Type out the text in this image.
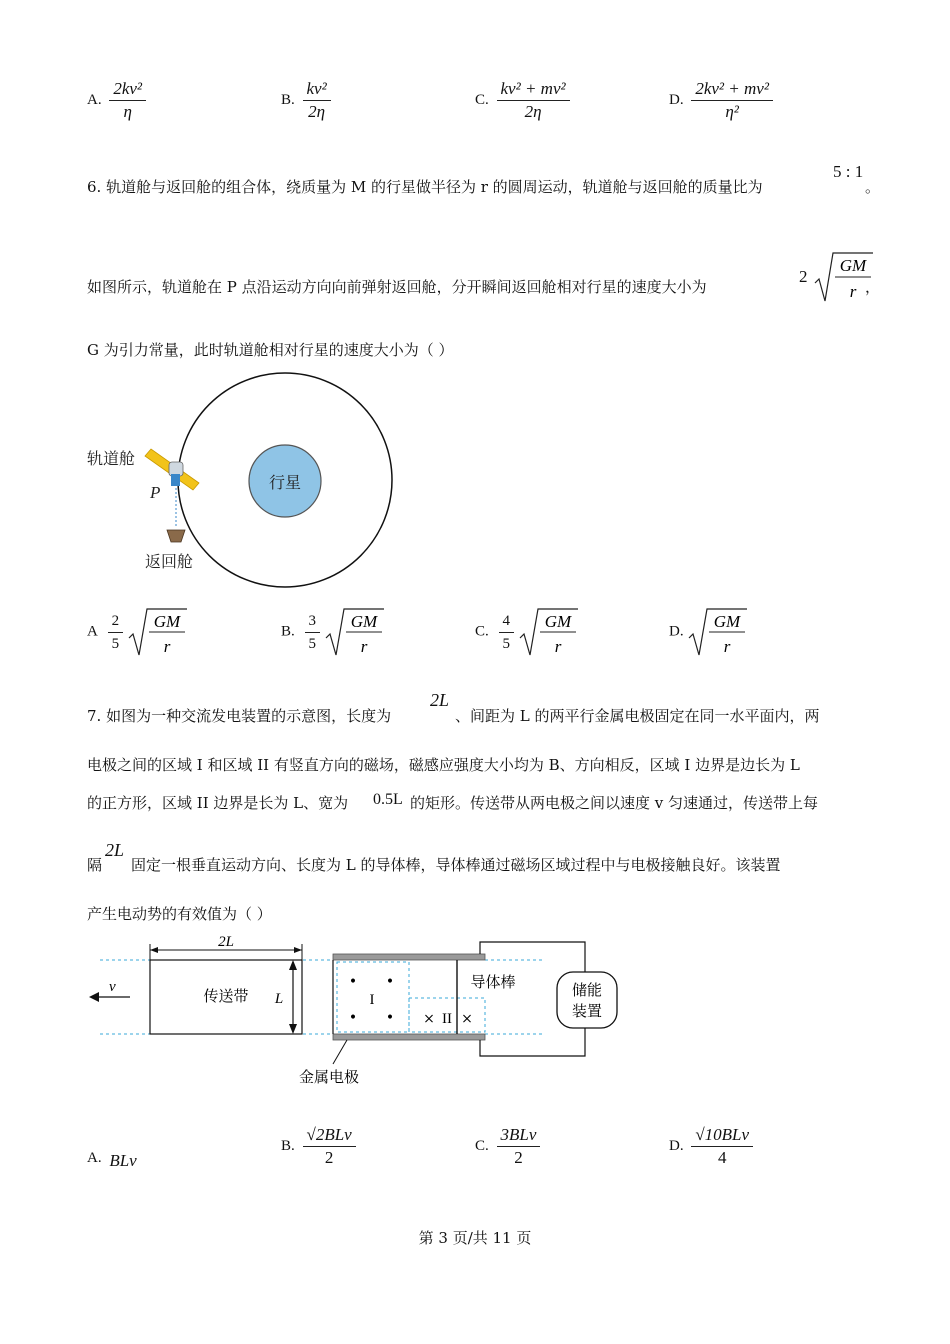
A. $\frac{\text{2kv²}}{\eta}$	B. $\frac{\text{kv²}}{2\eta}$	C. $\frac{\text{kv² + mv²}}{2\eta}$	D. $\frac{\text{2kv² + mv²}}{\text{η²}}$
6. 轨道舱与返回舱的组合体，绕质量为 M 的行星做半径为 r 的圆周运动，轨道舱与返回舱的质量比为
5 : 1
。
如图所示，轨道舱在 P 点沿运动方向向前弹射返回舱，分开瞬间返回舱相对行星的速度大小为
2
GM
r ，
G 为引力常量，此时轨道舱相对行星的速度大小为（ ）
行星
轨道舱
P
返回舱
A $\frac{2}{5}$
GM
r
B. $\frac{3}{5}$
GM
r
C. $\frac{4}{5}$
GM
r
D.
GM
r
7. 如图为一种交流发电装置的示意图，长度为
2L
、间距为 L 的两平行金属电极固定在同一水平面内，两
电极之间的区域 I 和区域 II 有竖直方向的磁场，磁感应强度大小均为 B、方向相反，区域 I 边界是边长为 L
的正方形，区域 II 边界是长为 L、宽为 0.5L 的矩形。传送带从两电极之间以速度 v 匀速通过，传送带上每
隔
2L
固定一根垂直运动方向、长度为 L 的导体棒，导体棒通过磁场区域过程中与电极接触良好。该装置
产生电动势的有效值为（ ）
v	传送带
2L
L
• •
• •
I
× II ×
导体棒	储能
装置
金属电极
A. BLv
B. $\frac{\text{√2BLv}}{2}$	C. $\frac{\text{3BLv}}{2}$	D. $\frac{\text{√10BLv}}{4}$
第 3 页/共 11 页
